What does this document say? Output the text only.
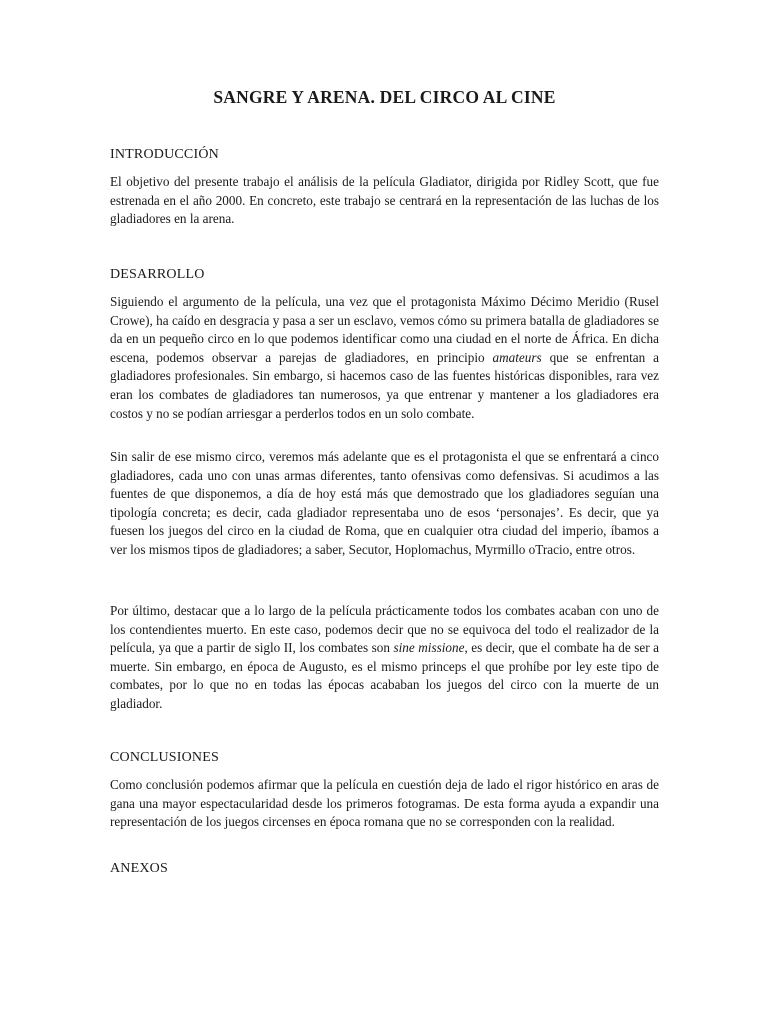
SANGRE Y ARENA. DEL CIRCO AL CINE
INTRODUCCIÓN

El objetivo del presente trabajo el análisis de la película Gladiator, dirigida por Ridley Scott, que fue estrenada en el año 2000. En concreto, este trabajo se centrará en la representación de las luchas de los gladiadores en la arena.

DESARROLLO

Siguiendo el argumento de la película, una vez que el protagonista Máximo Décimo Meridio (Rusel Crowe), ha caído en desgracia y pasa a ser un esclavo, vemos cómo su primera batalla de gladiadores se da en un pequeño circo en lo que podemos identificar como una ciudad en el norte de África. En dicha escena, podemos observar a parejas de gladiadores, en principio amateurs que se enfrentan a gladiadores profesionales. Sin embargo, si hacemos caso de las fuentes históricas disponibles, rara vez eran los combates de gladiadores tan numerosos, ya que entrenar y mantener a los gladiadores era costos y no se podían arriesgar a perderlos todos en un solo combate.

Sin salir de ese mismo circo, veremos más adelante que es el protagonista el que se enfrentará a cinco gladiadores, cada uno con unas armas diferentes, tanto ofensivas como defensivas. Si acudimos a las fuentes de que disponemos, a día de hoy está más que demostrado que los gladiadores seguían una tipología concreta; es decir, cada gladiador representaba uno de esos ‘personajes’. Es decir, que ya fuesen los juegos del circo en la ciudad de Roma, que en cualquier otra ciudad del imperio, íbamos a ver los mismos tipos de gladiadores; a saber, Secutor, Hoplomachus, Myrmillo oTracio, entre otros.

Por último, destacar que a lo largo de la película prácticamente todos los combates acaban con uno de los contendientes muerto. En este caso, podemos decir que no se equivoca del todo el realizador de la película, ya que a partir de siglo II, los combates son sine missione, es decir, que el combate ha de ser a muerte. Sin embargo, en época de Augusto, es el mismo princeps el que prohíbe por ley este tipo de combates, por lo que no en todas las épocas acababan los juegos del circo con la muerte de un gladiador.

CONCLUSIONES

Como conclusión podemos afirmar que la película en cuestión deja de lado el rigor histórico en aras de gana una mayor espectacularidad desde los primeros fotogramas. De esta forma ayuda a expandir una representación de los juegos circenses en época romana que no se corresponden con la realidad.

ANEXOS
